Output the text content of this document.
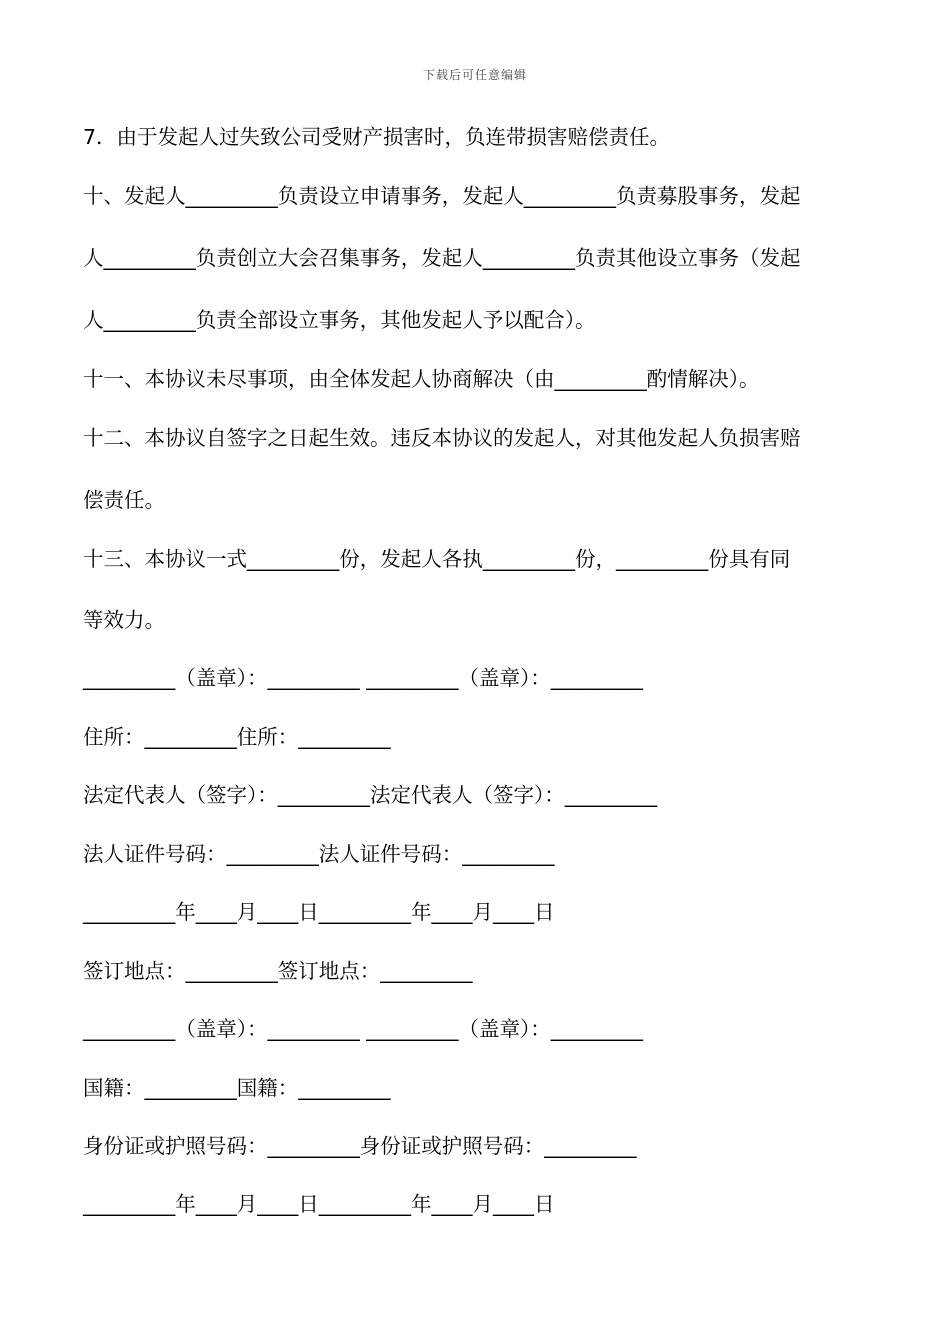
下载后可任意编辑
7．由于发起人过失致公司受财产损害时，负连带损害赔偿责任。
十、发起人_________负责设立申请事务，发起人_________负责募股事务，发起
人_________负责创立大会召集事务，发起人_________负责其他设立事务（发起
人_________负责全部设立事务，其他发起人予以配合）。
十一、本协议未尽事项，由全体发起人协商解决（由_________酌情解决）。
十二、本协议自签字之日起生效。违反本协议的发起人，对其他发起人负损害赔
偿责任。
十三、本协议一式_________份，发起人各执_________份，_________份具有同
等效力。
_________（盖章）：_________ _________（盖章）：_________
住所：_________住所：_________
法定代表人（签字）：_________法定代表人（签字）：_________
法人证件号码：_________法人证件号码：_________
_________年____月____日_________年____月____日
签订地点：_________签订地点：_________
_________（盖章）：_________ _________（盖章）：_________
国籍：_________国籍：_________
身份证或护照号码：_________身份证或护照号码：_________
_________年____月____日_________年____月____日
